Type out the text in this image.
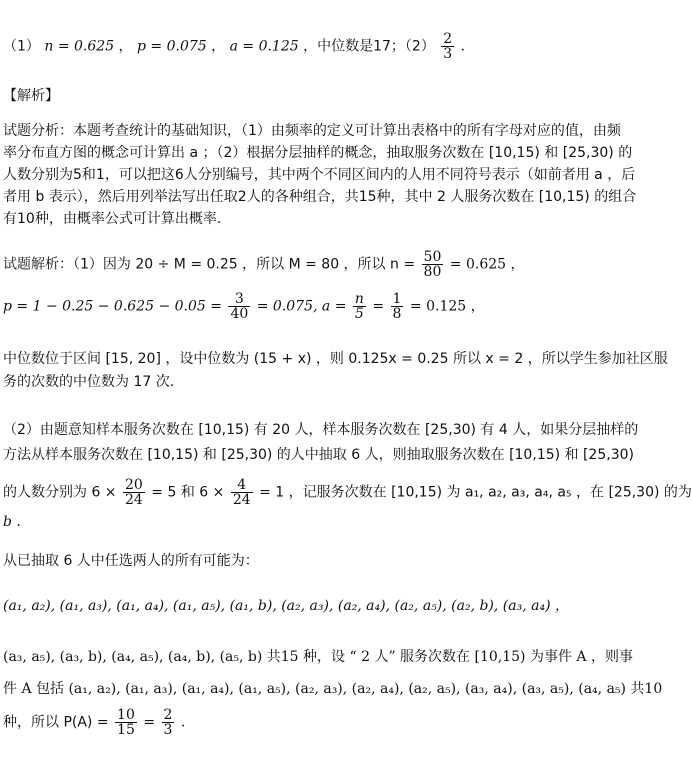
（1） n = 0.625 ， p = 0.075 ， a = 0.125 ，中位数是17；$(2) \frac{2}{3}$ .
【解析】
试题分析：本题考查统计的基础知识，（1）由频率的定义可计算出表格中的所有字母对应的值，由频
率分布直方图的概念可计算出 a ；（2）根据分层抽样的概念，抽取服务次数在 [10,15) 和 [25,30) 的
人数分别为5和1，可以把这6人分别编号，其中两个不同区间内的人用不同符号表示（如前者用 a ，后
者用 b 表示），然后用列举法写出任取2人的各种组合，共15种，其中 2 人服务次数在 [10,15) 的组合
有10种，由概率公式可计算出概率.
试题解析：（1）因为 20 ÷ M = 0.25 ，所以 M = 80 ，所以 $n = \frac{50}{80} = 0.625$ ，
$p = 1 - 0.25 - 0.625 - 0.05 = \frac{3}{40} = 0.075$, $a = \frac{n}{5} = \frac{1}{8} = 0.125$ ，
中位数位于区间 [15, 20] ，设中位数为 (15 + x) ，则 0.125x = 0.25 所以 x = 2 ，所以学生参加社区服
务的次数的中位数为 17 次.
（2）由题意知样本服务次数在 [10,15) 有 20 人，样本服务次数在 [25,30) 有 4 人，如果分层抽样的
方法从样本服务次数在 [10,15) 和 [25,30) 的人中抽取 6 人，则抽取服务次数在 [10,15) 和 [25,30)
的人数分别为 $6 \times \frac{20}{24} = 5$ 和 $6 \times \frac{4}{24} = 1$ ，记服务次数在 [10,15) 为 a₁, a₂, a₃, a₄, a₅ ，在 [25,30) 的为
b .
从已抽取 6 人中任选两人的所有可能为：
(a₁, a₂), (a₁, a₃), (a₁, a₄), (a₁, a₅), (a₁, b), (a₂, a₃), (a₂, a₄), (a₂, a₅), (a₂, b), (a₃, a₄) ，
(a₃, a₅), (a₃, b), (a₄, a₅), (a₄, b), (a₅, b) 共15 种，设 “ 2 人” 服务次数在 [10,15) 为事件 A ，则事
件 A 包括 (a₁, a₂), (a₁, a₃), (a₁, a₄), (a₁, a₅), (a₂, a₃), (a₂, a₄), (a₂, a₅), (a₃, a₄), (a₃, a₅), (a₄, a₅) 共10
种，所以 $P(A) = \frac{10}{15} = \frac{2}{3}$ .
